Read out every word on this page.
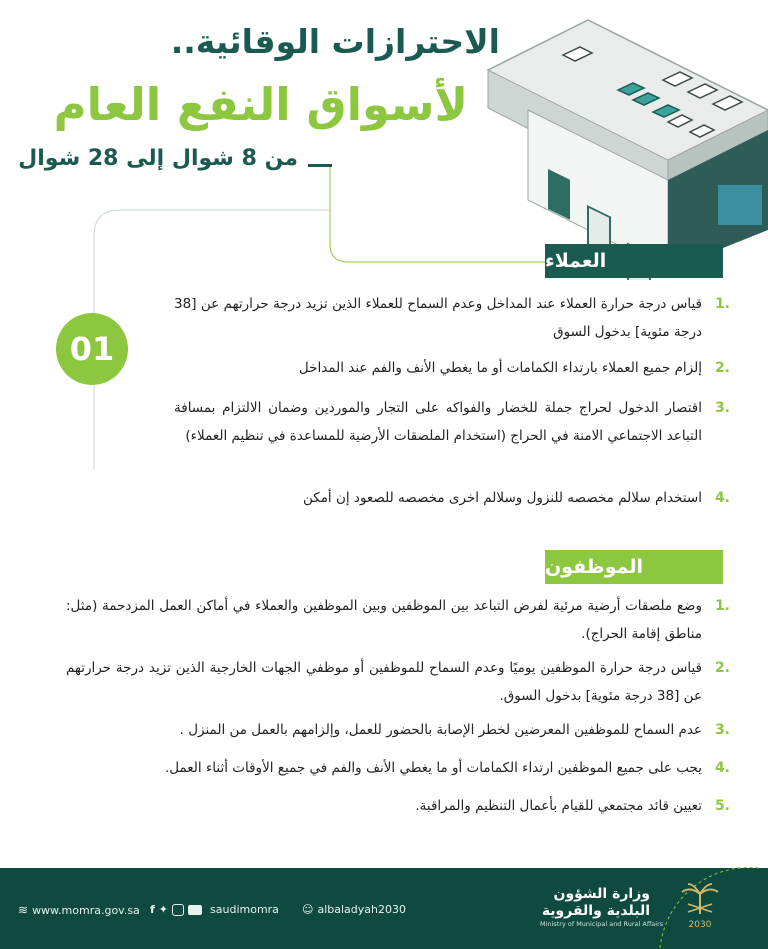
الاحترازات الوقائية..
لأسواق النفع العام
من 8 شوال إلى 28 شوال
العملاء
01
1.
قياس درجة حرارة العملاء عند المداخل وعدم السماح للعملاء الذين تزيد درجة حرارتهم عن [38 درجة مئوية] بدخول السوق
2.
إلزام جميع العملاء بارتداء الكمامات أو ما يغطي الأنف والفم عند المداخل
3.
اقتصار الدخول لحراج جملة للخضار والفواكه على التجار والموردين وضمان الالتزام بمسافة التباعد الاجتماعي الامنة في الحراج (استخدام الملصقات الأرضية للمساعدة في تنظيم العملاء)
4.
استخدام سلالم مخصصه للنزول وسلالم اخرى مخصصه للصعود إن أمكن
الموظفون
1.
وضع ملصقات أرضية مرئية لفرض التباعد بين الموظفين وبين الموظفين والعملاء في أماكن العمل المزدحمة (مثل: مناطق إقامة الحراج).
2.
قياس درجة حرارة الموظفين يوميًا وعدم السماح للموظفين أو موظفي الجهات الخارجية الذين تزيد درجة حرارتهم عن [38 درجة مئوية] بدخول السوق.
3.
عدم السماح للموظفين المعرضين لخطر الإصابة بالحضور للعمل، وإلزامهم بالعمل من المنزل .
4.
يجب على جميع الموظفين ارتداء الكمامات أو ما يغطي الأنف والفم في جميع الأوقات أثناء العمل.
5.
تعيين قائد مجتمعي للقيام بأعمال التنظيم والمراقبة.
≋ www.momra.gov.sa f ✦	saudimomra ☺ albaladyah2030
وزارة الشؤون
البلدية والقروية
Ministry of Municipal and Rural Affairs	2030
